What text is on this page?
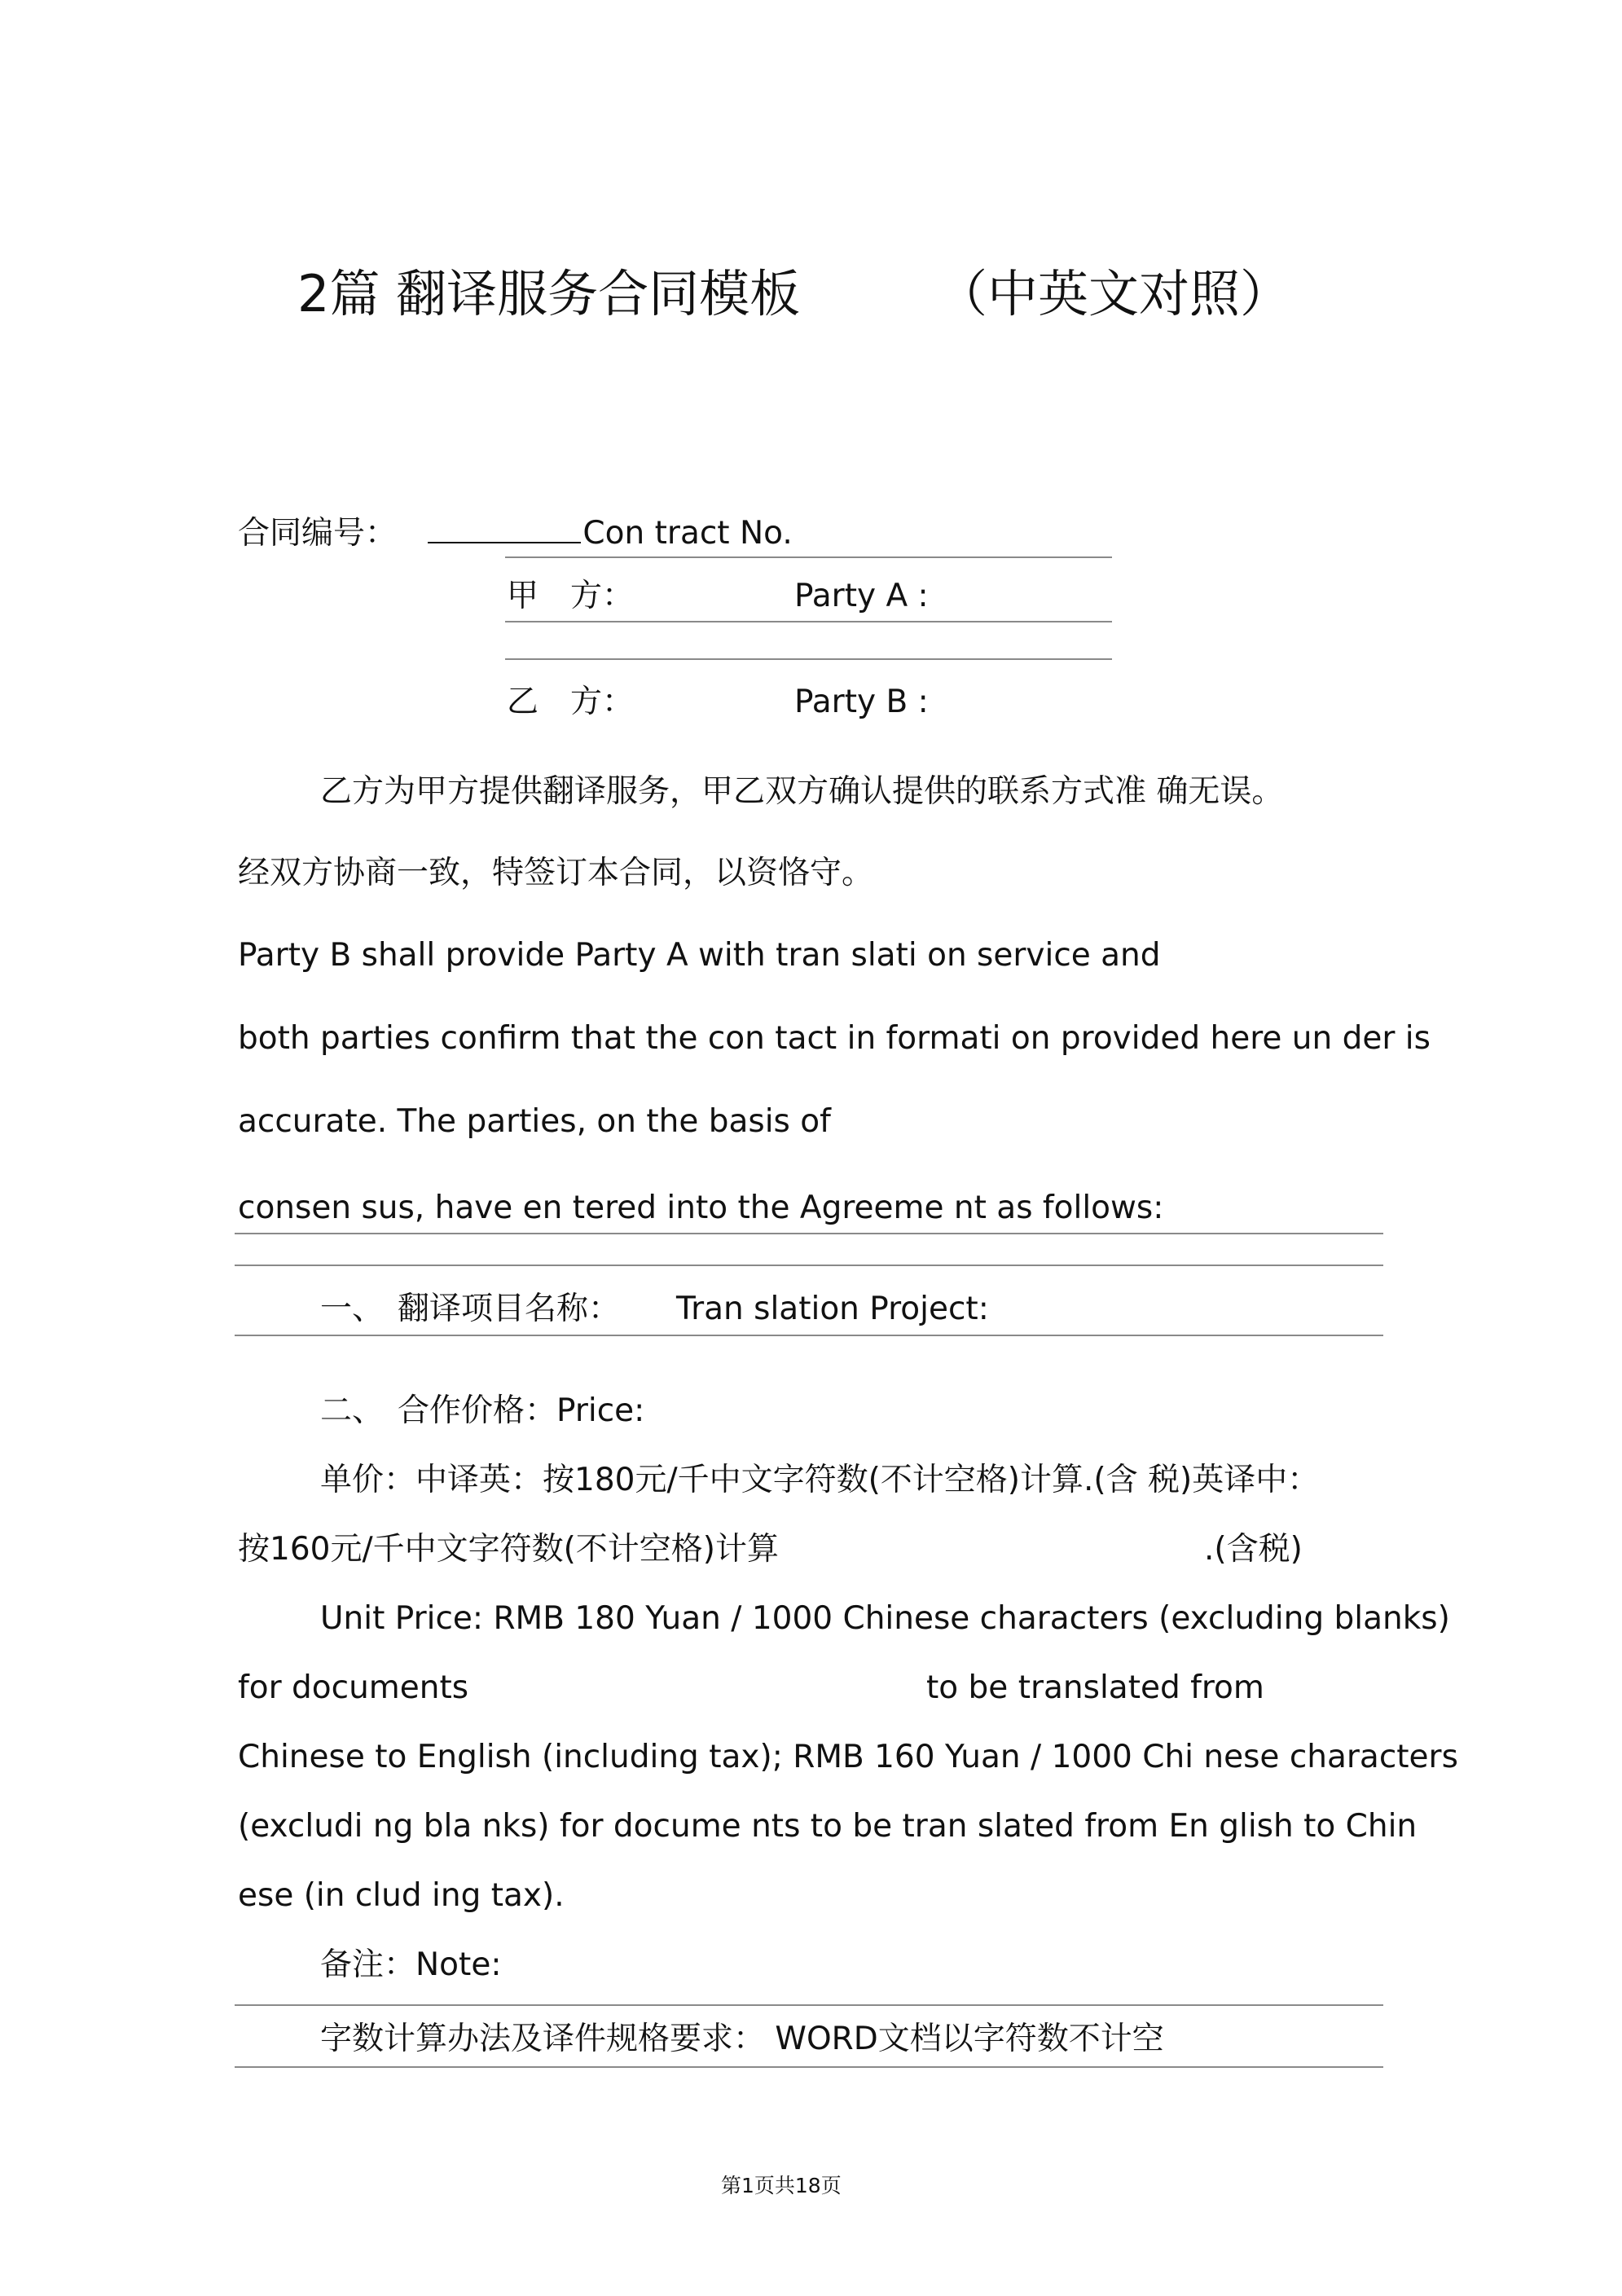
2篇 翻译服务合同模板	（中英文对照）
合同编号：	Con tract No.
甲　方：	Party A :
乙　方：	Party B :
乙方为甲方提供翻译服务，甲乙双方确认提供的联系方式准 确无误。
经双方协商一致，特签订本合同，以资恪守。
Party B shall provide Party A with tran slati on service and
both parties confirm that the con tact in formati on provided here un der is
accurate. The parties, on the basis of
consen sus, have en tered into the Agreeme nt as follows:
一、 翻译项目名称： Tran slation Project:
二、 合作价格：Price:
单价：中译英：按180元/千中文字符数(不计空格)计算.(含 税)英译中：
按160元/千中文字符数(不计空格)计算	.(含税)
Unit Price: RMB 180 Yuan / 1000 Chinese characters (excluding blanks)
for documents	to be translated from
Chinese to English (including tax); RMB 160 Yuan / 1000 Chi nese characters
(excludi ng bla nks) for docume nts to be tran slated from En glish to Chin
ese (in clud ing tax).
备注：Note:
字数计算办法及译件规格要求： WORD文档以字符数不计空
第1页共18页
